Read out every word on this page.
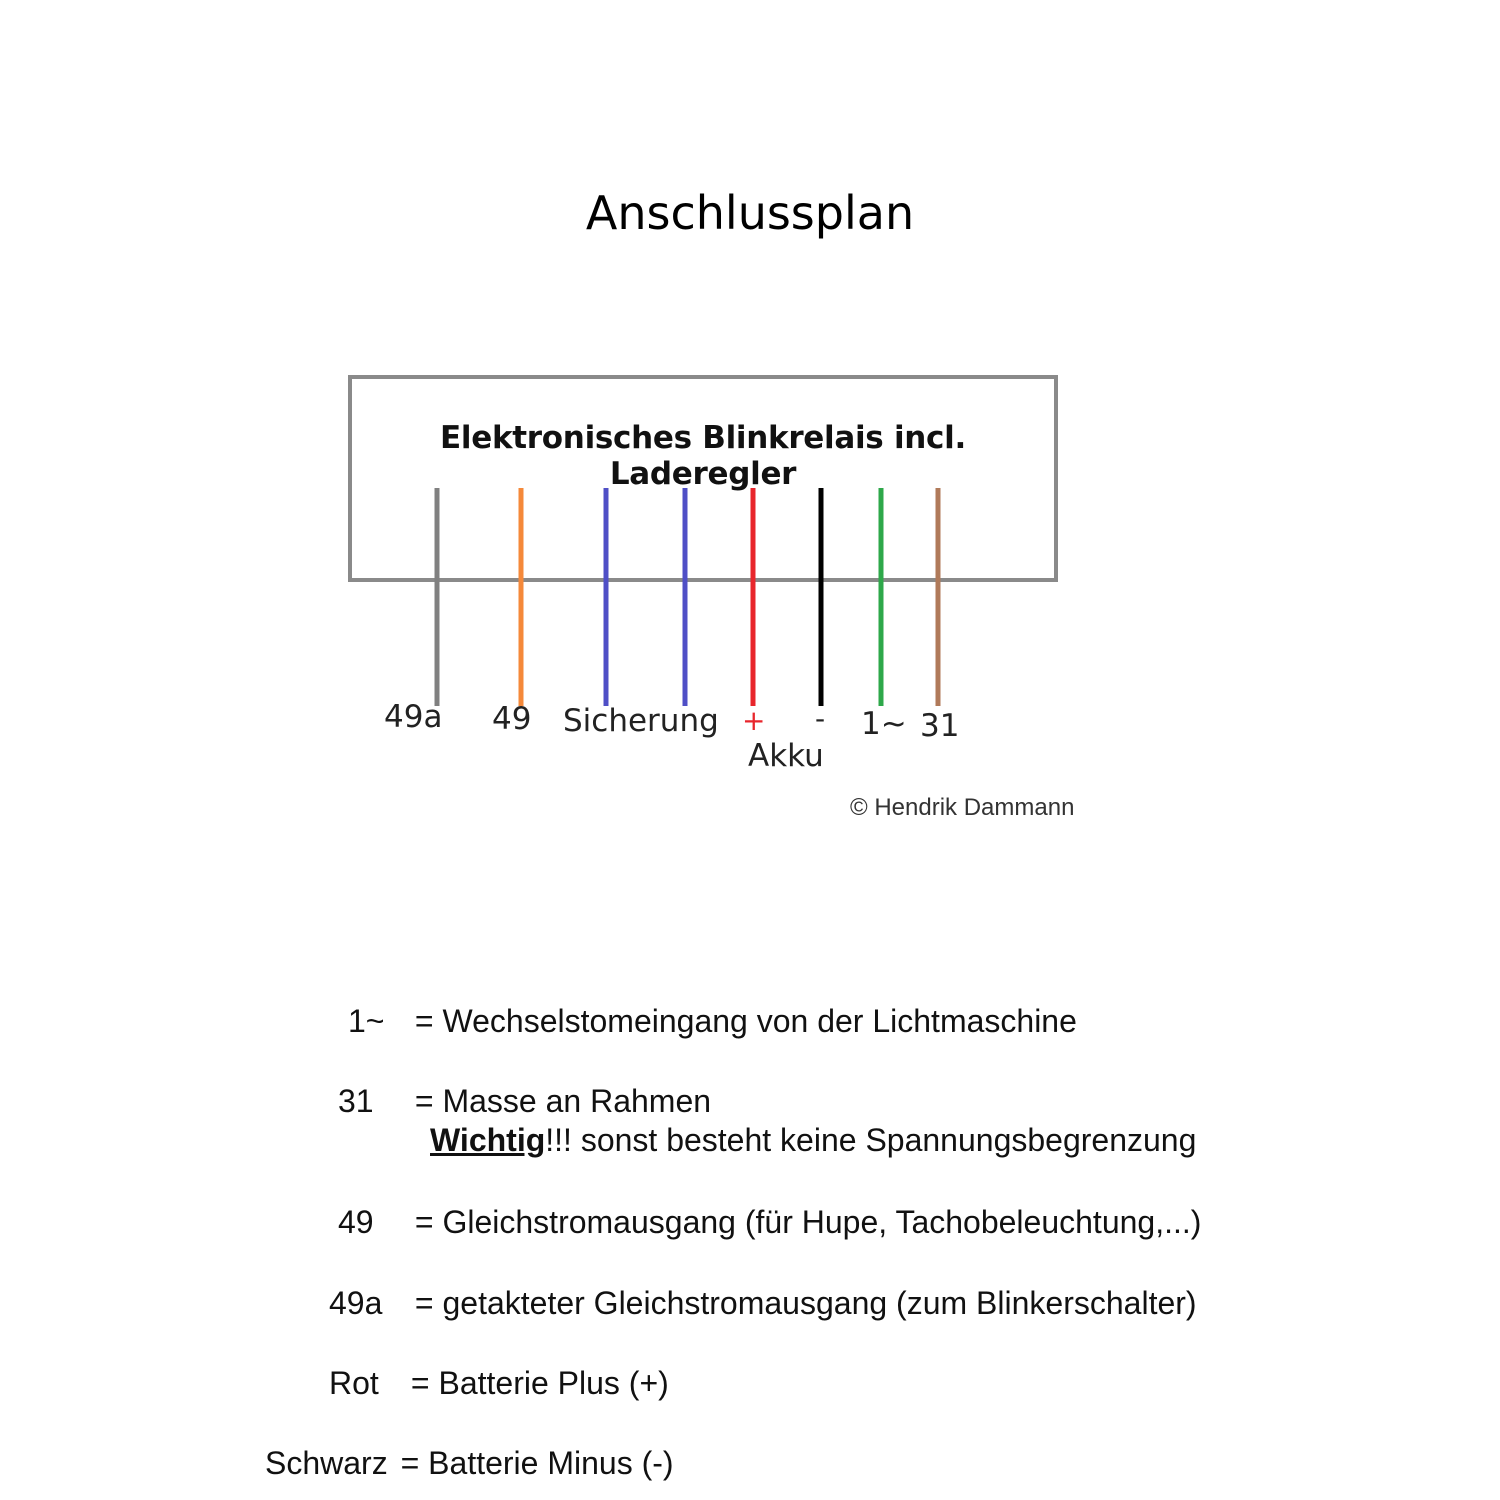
Anschlussplan
Elektronisches Blinkrelais incl. Laderegler
49a 49 Sicherung + - 1~ 31
Akku
© Hendrik Dammann
1~ = Wechselstomeingang von der Lichtmaschine
31 = Masse an Rahmen
Wichtig!!! sonst besteht keine Spannungsbegrenzung
49 = Gleichstromausgang (für Hupe, Tachobeleuchtung,...)
49a = getakteter Gleichstromausgang (zum Blinkerschalter)
Rot = Batterie Plus (+)
Schwarz = Batterie Minus (-)
